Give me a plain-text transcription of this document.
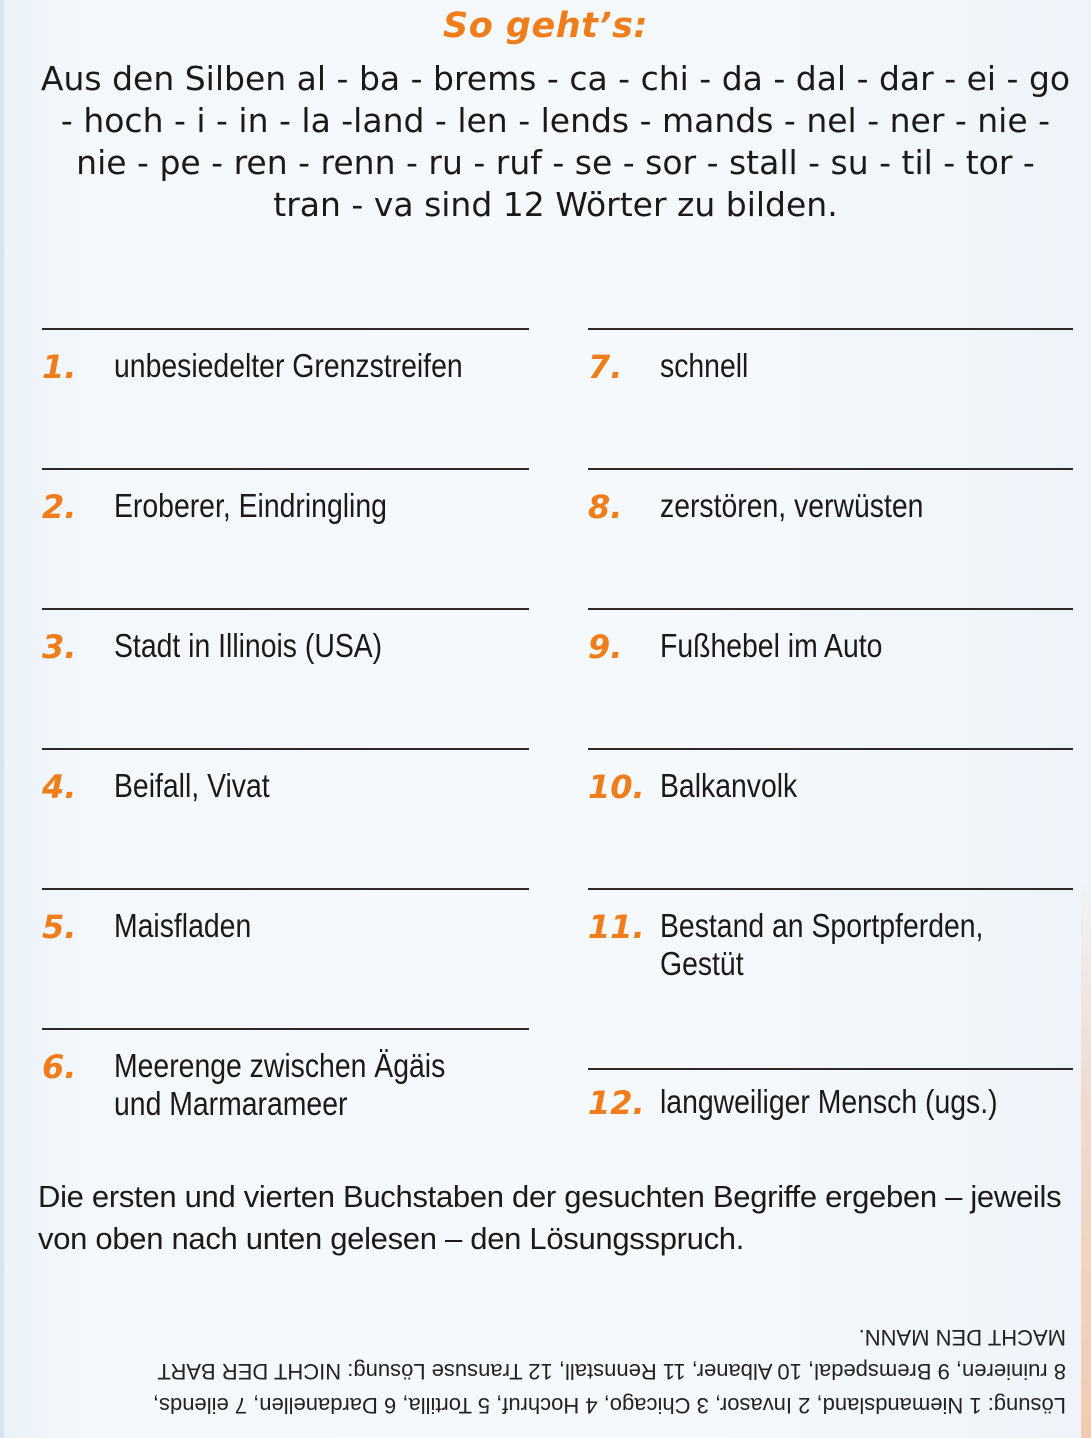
So geht’s:
Aus den Silben al - ba - brems - ca - chi - da - dal - dar - ei - go - hoch - i - in - la -land - len - lends - mands - nel - ner - nie - nie - pe - ren - renn - ru - ruf - se - sor - stall - su - til - tor - tran - va sind 12 Wörter zu bilden.
1. unbesiedelter Grenzstreifen
2. Eroberer, Eindringling
3. Stadt in Illinois (USA)
4. Beifall, Vivat
5. Maisfladen
6. Meerenge zwischen Ägäis
und Marmarameer
7. schnell
8. zerstören, verwüsten
9. Fußhebel im Auto
10. Balkanvolk
11. Bestand an Sportpferden,
Gestüt
12. langweiliger Mensch (ugs.)
Die ersten und vierten Buchstaben der gesuchten Begriffe ergeben – jeweils von oben nach unten gelesen – den Lösungsspruch.
Lösung: 1 Niemandsland, 2 Invasor, 3 Chicago, 4 Hochruf, 5 Tortilla, 6 Dardanellen, 7 eilends,
8 ruinieren, 9 Bremspedal, 10 Albaner, 11 Rennstall, 12 Transuse Lösung: NICHT DER BART
MACHT DEN MANN.
